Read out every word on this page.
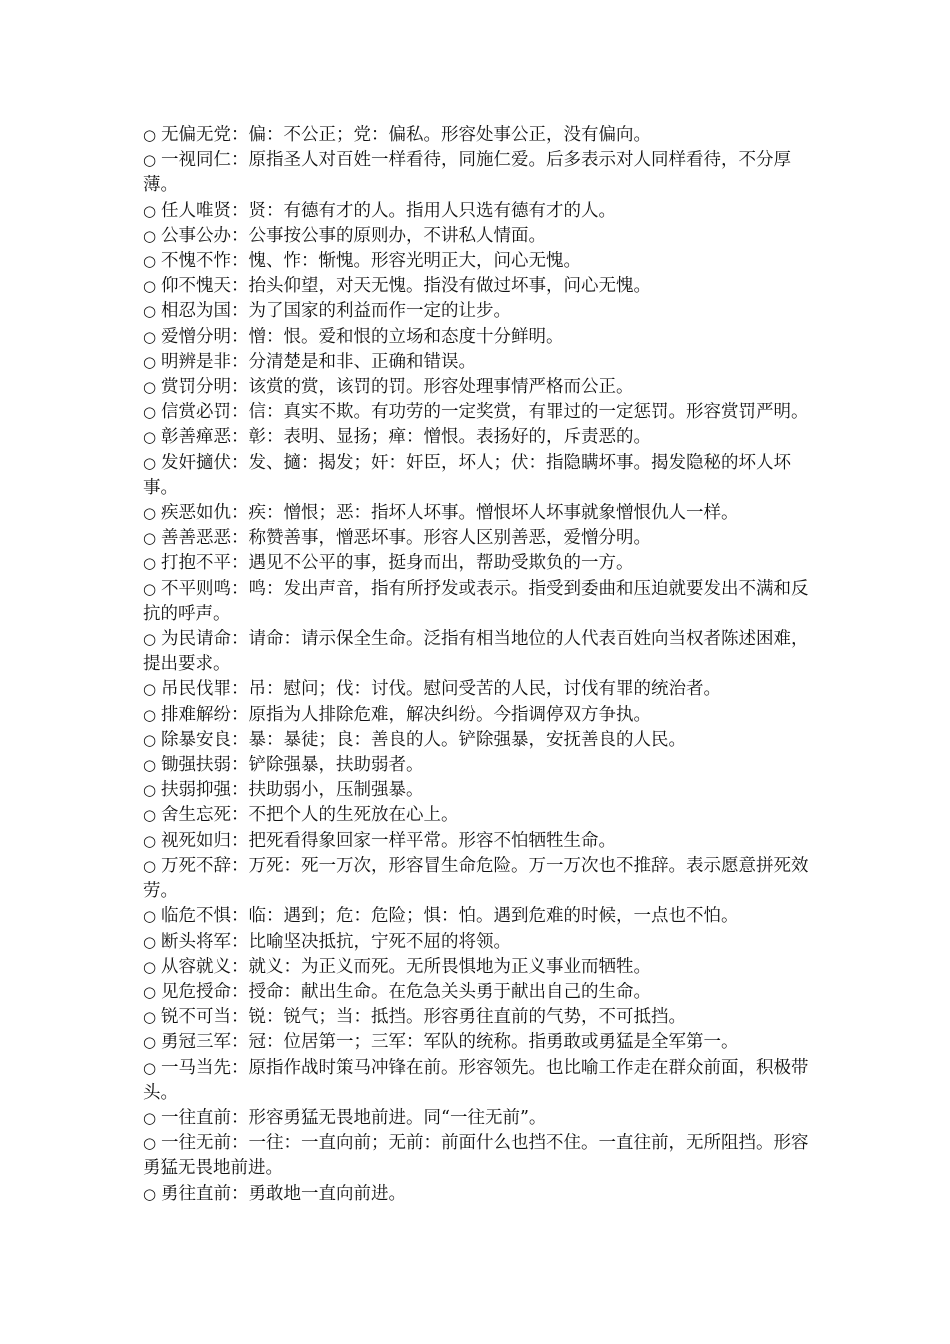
○ 无偏无党：偏：不公正；党：偏私。形容处事公正，没有偏向。

○ 一视同仁：原指圣人对百姓一样看待，同施仁爱。后多表示对人同样看待，不分厚薄。

○ 任人唯贤：贤：有德有才的人。指用人只选有德有才的人。

○ 公事公办：公事按公事的原则办，不讲私人情面。

○ 不愧不怍：愧、怍：惭愧。形容光明正大，问心无愧。

○ 仰不愧天：抬头仰望，对天无愧。指没有做过坏事，问心无愧。

○ 相忍为国：为了国家的利益而作一定的让步。

○ 爱憎分明：憎：恨。爱和恨的立场和态度十分鲜明。

○ 明辨是非：分清楚是和非、正确和错误。

○ 赏罚分明：该赏的赏，该罚的罚。形容处理事情严格而公正。

○ 信赏必罚：信：真实不欺。有功劳的一定奖赏，有罪过的一定惩罚。形容赏罚严明。

○ 彰善瘅恶：彰：表明、显扬；瘅：憎恨。表扬好的，斥责恶的。

○ 发奸擿伏：发、擿：揭发；奸：奸臣，坏人；伏：指隐瞒坏事。揭发隐秘的坏人坏事。

○ 疾恶如仇：疾：憎恨；恶：指坏人坏事。憎恨坏人坏事就象憎恨仇人一样。

○ 善善恶恶：称赞善事，憎恶坏事。形容人区别善恶，爱憎分明。

○ 打抱不平：遇见不公平的事，挺身而出，帮助受欺负的一方。

○ 不平则鸣：鸣：发出声音，指有所抒发或表示。指受到委曲和压迫就要发出不满和反抗的呼声。

○ 为民请命：请命：请示保全生命。泛指有相当地位的人代表百姓向当权者陈述困难，提出要求。

○ 吊民伐罪：吊：慰问；伐：讨伐。慰问受苦的人民，讨伐有罪的统治者。

○ 排难解纷：原指为人排除危难，解决纠纷。今指调停双方争执。

○ 除暴安良：暴：暴徒；良：善良的人。铲除强暴，安抚善良的人民。

○ 锄强扶弱：铲除强暴，扶助弱者。

○ 扶弱抑强：扶助弱小，压制强暴。

○ 舍生忘死：不把个人的生死放在心上。

○ 视死如归：把死看得象回家一样平常。形容不怕牺牲生命。

○ 万死不辞：万死：死一万次，形容冒生命危险。万一万次也不推辞。表示愿意拼死效劳。

○ 临危不惧：临：遇到；危：危险；惧：怕。遇到危难的时候，一点也不怕。

○ 断头将军：比喻坚决抵抗，宁死不屈的将领。

○ 从容就义：就义：为正义而死。无所畏惧地为正义事业而牺牲。

○ 见危授命：授命：献出生命。在危急关头勇于献出自己的生命。

○ 锐不可当：锐：锐气；当：抵挡。形容勇往直前的气势，不可抵挡。

○ 勇冠三军：冠：位居第一；三军：军队的统称。指勇敢或勇猛是全军第一。

○ 一马当先：原指作战时策马冲锋在前。形容领先。也比喻工作走在群众前面，积极带头。

○ 一往直前：形容勇猛无畏地前进。同“一往无前”。

○ 一往无前：一往：一直向前；无前：前面什么也挡不住。一直往前，无所阻挡。形容勇猛无畏地前进。

○ 勇往直前：勇敢地一直向前进。
